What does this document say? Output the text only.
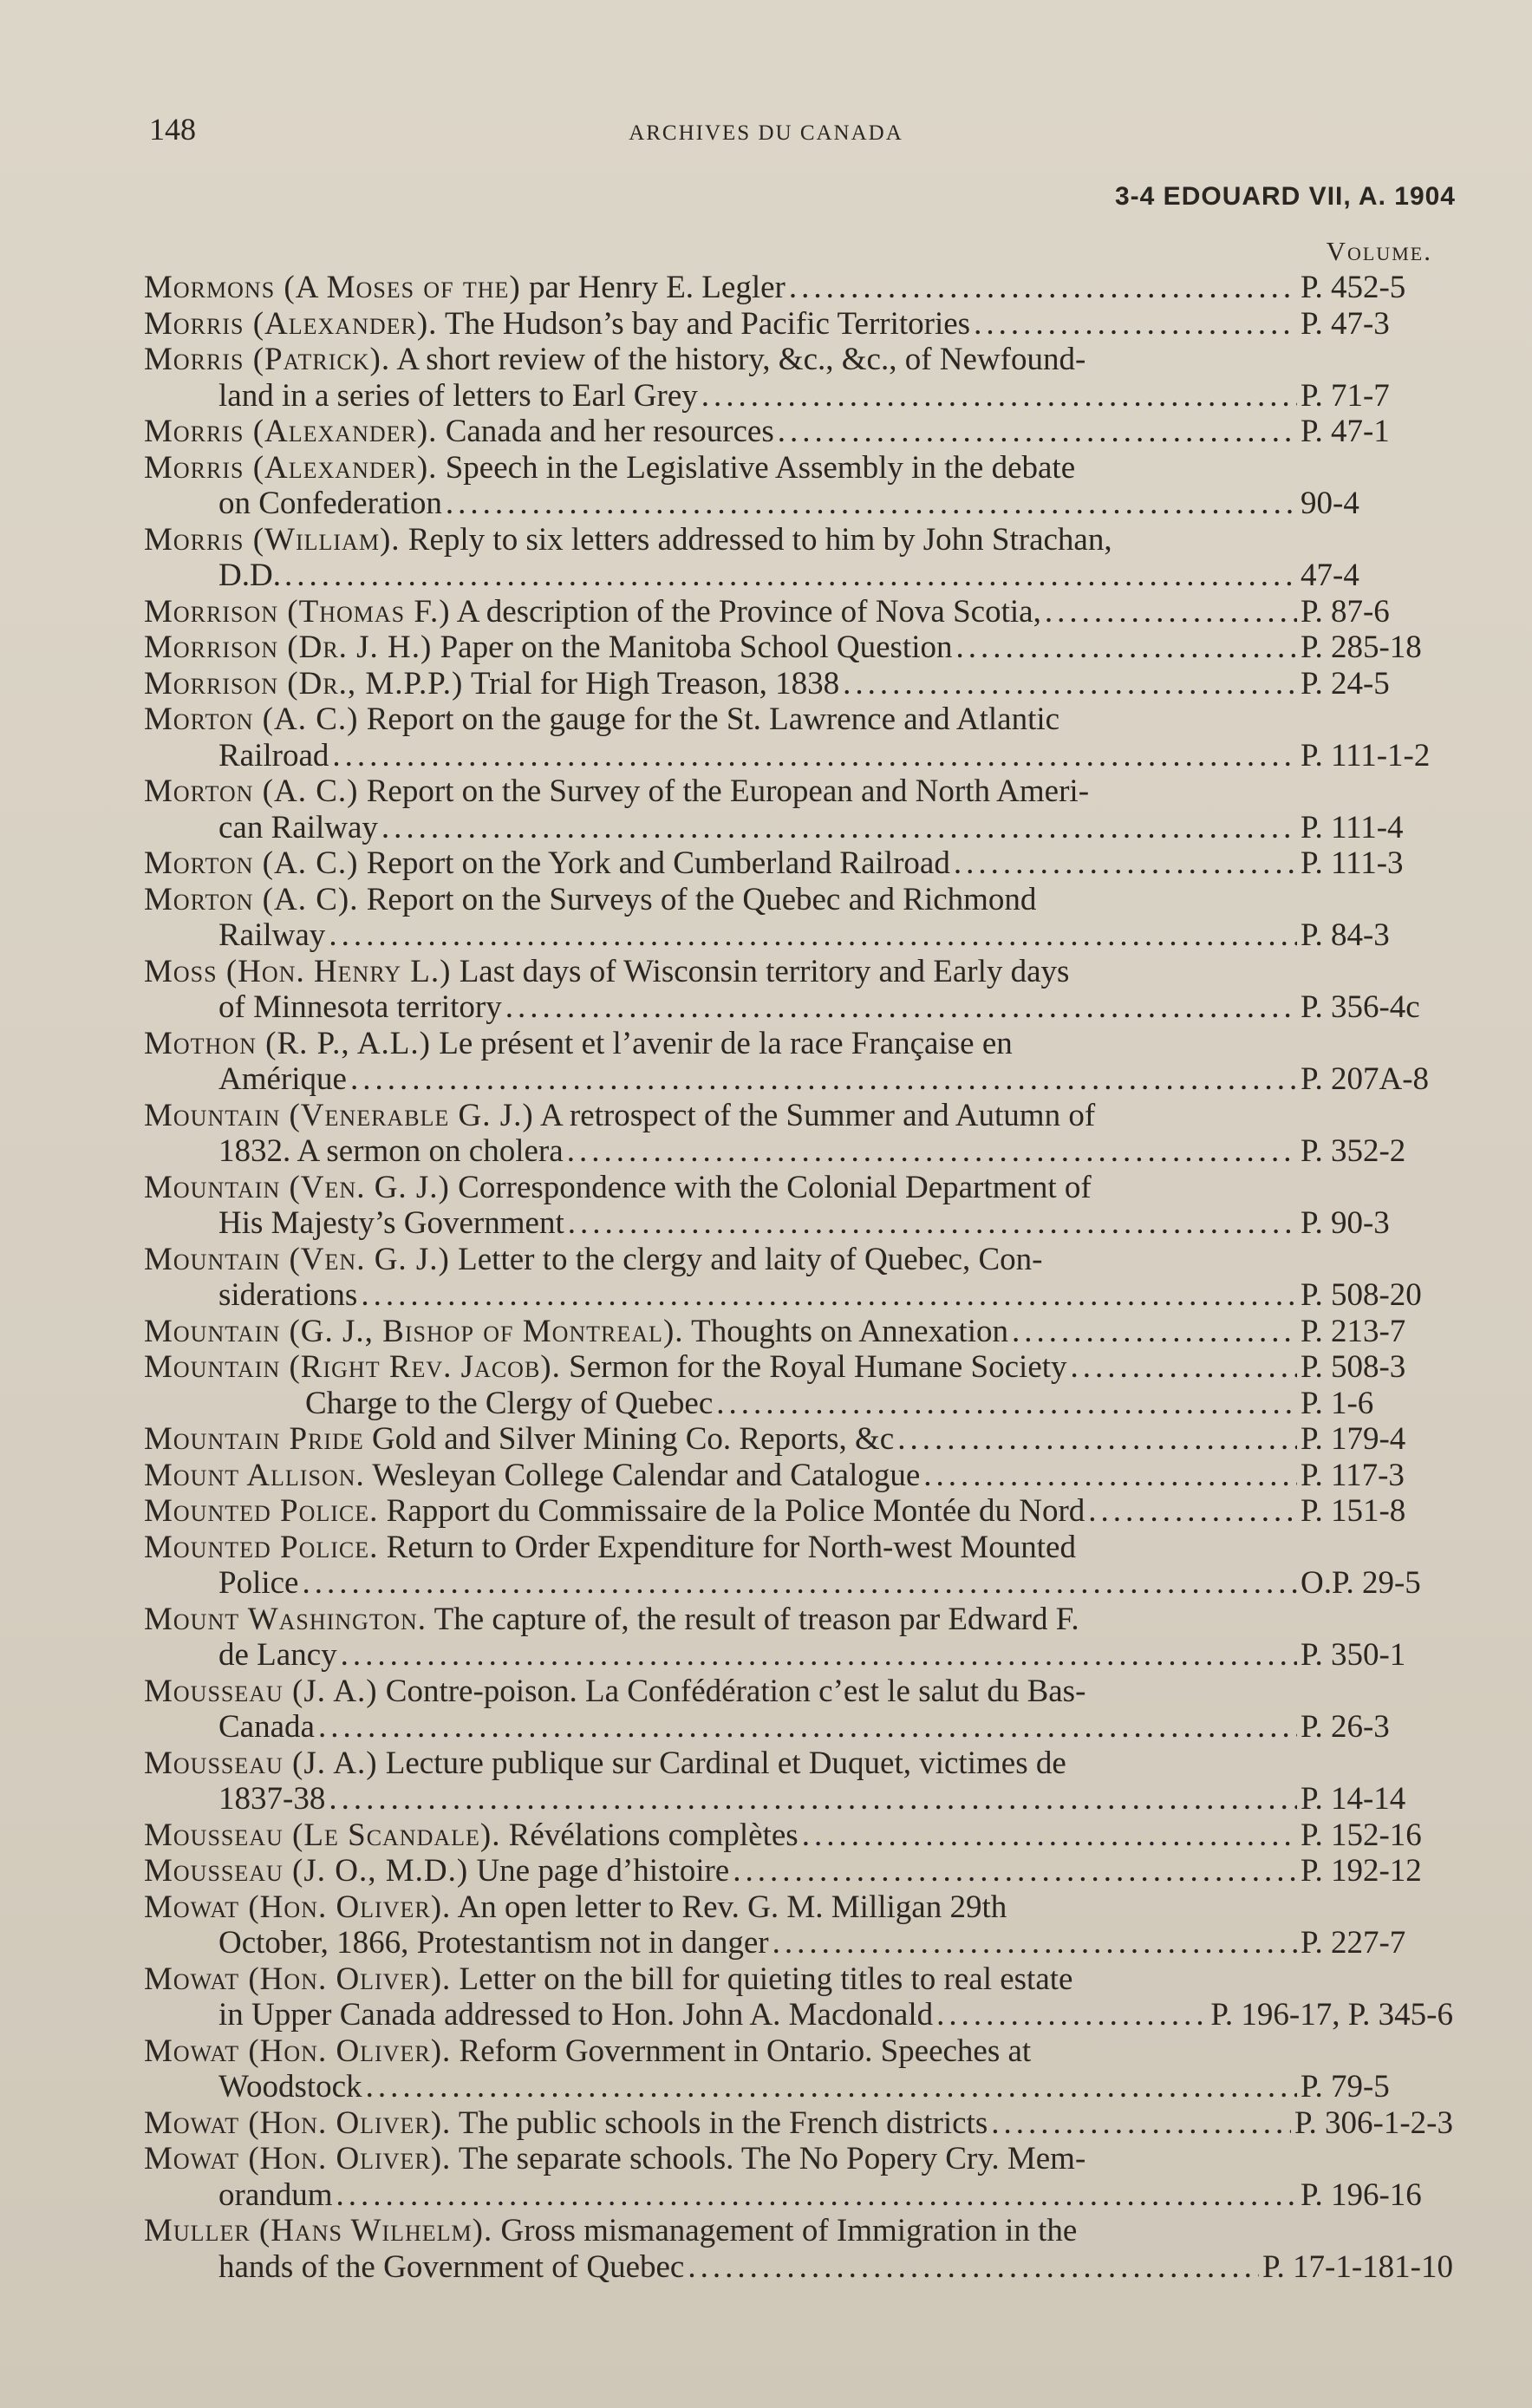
148	ARCHIVES DU CANADA
3-4 EDOUARD VII, A. 1904
Volume.
Mormons (A Moses of the) par Henry E. Legler .....	P. 452-5
Morris (Alexander). The Hudson’s bay and Pacific Territories .....	P. 47-3
Morris (Patrick). A short review of the history, &c., &c., of Newfound-
land in a series of letters to Earl Grey .....	P. 71-7
Morris (Alexander). Canada and her resources .....	P. 47-1
Morris (Alexander). Speech in the Legislative Assembly in the debate
on Confederation .....	90-4
Morris (William). Reply to six letters addressed to him by John Strachan,
D.D. .....	47-4
Morrison (Thomas F.) A description of the Province of Nova Scotia, .....	P. 87-6
Morrison (Dr. J. H.) Paper on the Manitoba School Question .....	P. 285-18
Morrison (Dr., M.P.P.) Trial for High Treason, 1838 .....	P. 24-5
Morton (A. C.) Report on the gauge for the St. Lawrence and Atlantic
Railroad .....	P. 111-1-2
Morton (A. C.) Report on the Survey of the European and North Ameri-
can Railway .....	P. 111-4
Morton (A. C.) Report on the York and Cumberland Railroad .....	P. 111-3
Morton (A. C). Report on the Surveys of the Quebec and Richmond
Railway .....	P. 84-3
Moss (Hon. Henry L.) Last days of Wisconsin territory and Early days
of Minnesota territory .....	P. 356-4c
Mothon (R. P., A.L.) Le présent et l’avenir de la race Française en
Amérique .....	P. 207A-8
Mountain (Venerable G. J.) A retrospect of the Summer and Autumn of
1832. A sermon on cholera .....	P. 352-2
Mountain (Ven. G. J.) Correspondence with the Colonial Department of
His Majesty’s Government .....	P. 90-3
Mountain (Ven. G. J.) Letter to the clergy and laity of Quebec, Con-
siderations .....	P. 508-20
Mountain (G. J., Bishop of Montreal). Thoughts on Annexation .....	P. 213-7
Mountain (Right Rev. Jacob). Sermon for the Royal Humane Society .....	P. 508-3
Charge to the Clergy of Quebec .....	P. 1-6
Mountain Pride Gold and Silver Mining Co. Reports, &c .....	P. 179-4
Mount Allison. Wesleyan College Calendar and Catalogue .....	P. 117-3
Mounted Police. Rapport du Commissaire de la Police Montée du Nord .....	P. 151-8
Mounted Police. Return to Order Expenditure for North-west Mounted
Police .....	O.P. 29-5
Mount Washington. The capture of, the result of treason par Edward F.
de Lancy .....	P. 350-1
Mousseau (J. A.) Contre-poison. La Confédération c’est le salut du Bas-
Canada .....	P. 26-3
Mousseau (J. A.) Lecture publique sur Cardinal et Duquet, victimes de
1837-38 .....	P. 14-14
Mousseau (Le Scandale). Révélations complètes .....	P. 152-16
Mousseau (J. O., M.D.) Une page d’histoire .....	P. 192-12
Mowat (Hon. Oliver). An open letter to Rev. G. M. Milligan 29th
October, 1866, Protestantism not in danger .....	P. 227-7
Mowat (Hon. Oliver). Letter on the bill for quieting titles to real estate
in Upper Canada addressed to Hon. John A. Macdonald .....	P. 196-17, P. 345-6
Mowat (Hon. Oliver). Reform Government in Ontario. Speeches at
Woodstock .....	P. 79-5
Mowat (Hon. Oliver). The public schools in the French districts .....	P. 306-1-2-3
Mowat (Hon. Oliver). The separate schools. The No Popery Cry. Mem-
orandum .....	P. 196-16
Muller (Hans Wilhelm). Gross mismanagement of Immigration in the
hands of the Government of Quebec .....	P. 17-1-181-10
